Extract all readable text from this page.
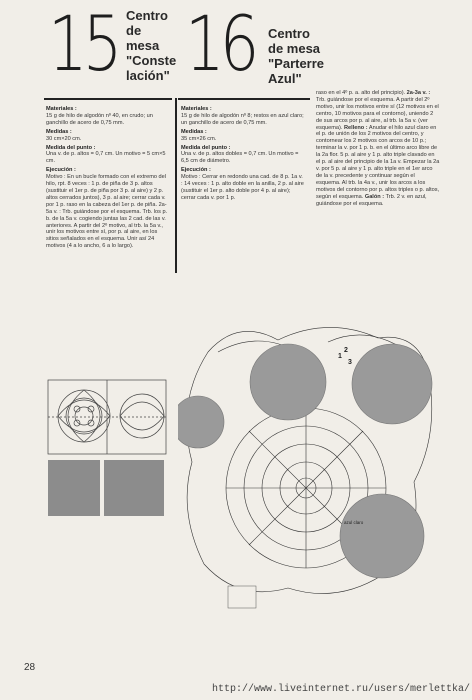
15 Centro
de
mesa
"Conste
lación" 16 Centro
de mesa
"Parterre
Azul"
Materiales :
15 g de hilo de algodón nº 40, en crudo; un ganchillo de acero de 0,75 mm.
Medidas :
30 cm×20 cm.
Medida del punto :
Una v. de p. altos = 0,7 cm. Un motivo = 5 cm×5 cm.
Ejecución :
Motivo : En un bucle formado con el extremo del hilo, rpt. 8 veces : 1 p. de piña de 3 p. altos (sustituir el 1er p. de piña por 3 p. al aire) y 2 p. altos cerrados juntos), 3 p. al aire; cerrar cada v. por 1 p. raso en la cabeza del 1er p. de piña. 2a-5a v. : Trb. guiándose por el esquema. Trb. los p. b. de la 5a v. cogiendo juntas las 2 cad. de las v. anteriores. A partir del 2º motivo, al trb. la 5a v., unir los motivos entre sí, por p. al aire, en los sitios señalados en el esquema. Unir así 24 motivos (4 a lo ancho, 6 a lo largo).
Materiales :
15 g de hilo de algodón nº 8; restos en azul claro; un ganchillo de acero de 0,75 mm.
Medidas :
35 cm×26 cm.
Medida del punto :
Una v. de p. altos dobles = 0,7 cm. Un motivo = 6,5 cm de diámetro.
Ejecución :
Motivo : Cerrar en redondo una cad. de 8 p. 1a v. : 14 veces : 1 p. alto doble en la anilla, 2 p. al aire (sustituir el 1er p. alto doble por 4 p. al aire); cerrar cada v. por 1 p.
raso en el 4º p. a. alto del principio). 2a-3a v. : Trb. guiándose por el esquema. A partir del 2º motivo, unir los motivos entre sí (12 motivos en el centro, 10 motivos para el contorno), uniendo 2 de sus arcos por p. al aire, al trb. la 5a v. (ver esquema). Relleno : Anudar el hilo azul claro en el p. de unión de los 2 motivos del centro, y contornear los 2 motivos con arcos de 10 p.; terminar la v. por 1 p. b. en el último arco libre de la 2a flor. 5 p. al aire y 1 p. alto triple clavado en el p. al aire del principio de la 1a v. Empezar la 2a v. por 5 p. al aire y 1 p. alto triple en el 1er arco de la v. precedente y continuar según el esquema. Al trb. la 4a v., unir los arcos a los motivos del contorno por p. altos triples o p. altos, según el esquema. Galón : Trb. 2 v. en azul, guiándose por el esquema.
1
2
3
azul claro
28
http://www.liveinternet.ru/users/merlettka/
